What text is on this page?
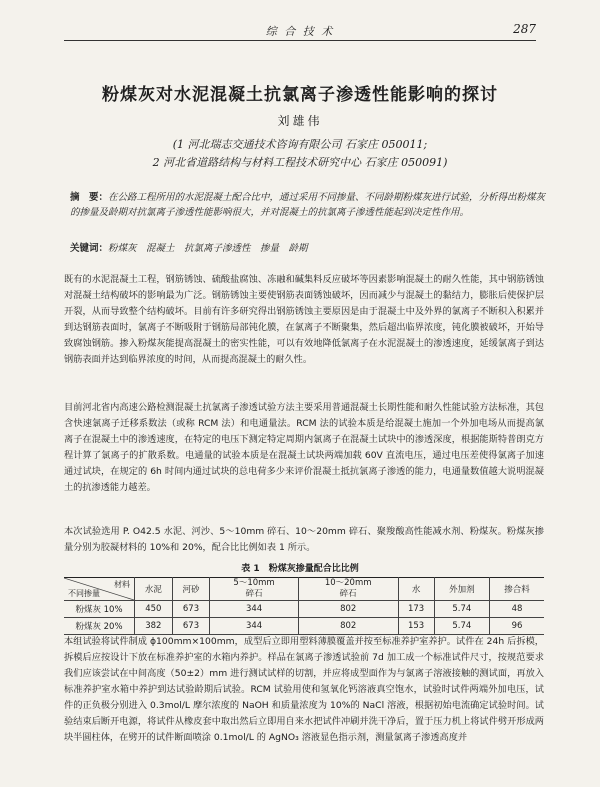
综 合 技 术	287
粉煤灰对水泥混凝土抗氯离子渗透性能影响的探讨
刘雄伟
(1 河北瑞志交通技术咨询有限公司 石家庄 050011;
2 河北省道路结构与材料工程技术研究中心 石家庄 050091)
摘　要：在公路工程所用的水泥混凝土配合比中，通过采用不同掺量、不同龄期粉煤灰进行试验，分析得出粉煤灰的掺量及龄期对抗氯离子渗透性能影响很大，并对混凝土的抗氯离子渗透性能起到决定性作用。
关键词：粉煤灰　混凝土　抗氯离子渗透性　掺量　龄期

既有的水泥混凝土工程，钢筋锈蚀、硫酸盐腐蚀、冻融和碱集料反应破坏等因素影响混凝土的耐久性能，其中钢筋锈蚀对混凝土结构破坏的影响最为广泛。钢筋锈蚀主要使钢筋表面锈蚀破坏，因而减少与混凝土的黏结力，膨胀后使保护层开裂，从而导致整个结构破坏。目前有许多研究得出钢筋锈蚀主要原因是由于混凝土中及外界的氯离子不断积入积累并到达钢筋表面时，氯离子不断吸附于钢筋局部钝化膜，在氯离子不断聚集，然后超出临界浓度，钝化膜被破坏，开始导致腐蚀钢筋。掺入粉煤灰能提高混凝土的密实性能，可以有效地降低氯离子在水泥混凝土的渗透速度，延缓氯离子到达钢筋表面并达到临界浓度的时间，从而提高混凝土的耐久性。

目前河北省内高速公路检测混凝土抗氯离子渗透试验方法主要采用普通混凝土长期性能和耐久性能试验方法标准，其包含快速氯离子迁移系数法（或称 RCM 法）和电通量法。RCM 法的试验本质是给混凝土施加一个外加电场从而提高氯离子在混凝土中的渗透速度，在特定的电压下测定特定周期内氯离子在混凝土试块中的渗透深度，根据能斯特普朗克方程计算了氯离子的扩散系数。电通量的试验本质是在混凝土试块两端加载 60V 直流电压，通过电压差使得氯离子加速通过试块，在规定的 6h 时间内通过试块的总电荷多少来评价混凝土抵抗氯离子渗透的能力，电通量数值越大说明混凝土的抗渗透能力越差。

本次试验选用 P. O42.5 水泥、河沙、5～10mm 碎石、10～20mm 碎石、聚羧酸高性能减水剂、粉煤灰。粉煤灰掺量分别为胶凝材料的 10%和 20%，配合比比例如表 1 所示。

表 1　粉煤灰掺量配合比比例
材料
不同掺量	水泥	河砂	5～10mm
碎石	10～20mm
碎石	水	外加剂	掺合料
粉煤灰 10%	450	673	344	802	173	5.74	48
粉煤灰 20%	382	673	344	802	153	5.74	96

本组试验将试件制成 ϕ100mm×100mm，成型后立即用塑料薄膜覆盖并按至标准养护室养护。试件在 24h 后拆模，拆模后应按设计下放在标准养护室的水箱内养护。样品在氯离子渗透试验前 7d 加工成一个标准试件尺寸，按规范要求我们应该尝试在中间高度（50±2）mm 进行测试试样的切割，并应将成型面作为与氯离子溶液接触的测试面，再放入标准养护室水箱中养护到达试验龄期后试验。RCM 试验用使和氢氧化钙溶液真空饱水，试验时试件两端外加电压，试件的正负极分别进入 0.3mol/L 摩尔浓度的 NaOH 和质量浓度为 10%的 NaCl 溶液，根据初始电流确定试验时间。试验结束后断开电源，将试件从橡皮套中取出然后立即用自来水把试件冲刷并洗干净后，置于压力机上将试件劈开形成两块半圆柱体，在劈开的试件断面喷涂 0.1mol/L 的 AgNO₃ 溶液显色指示剂，测量氯离子渗透高度并
